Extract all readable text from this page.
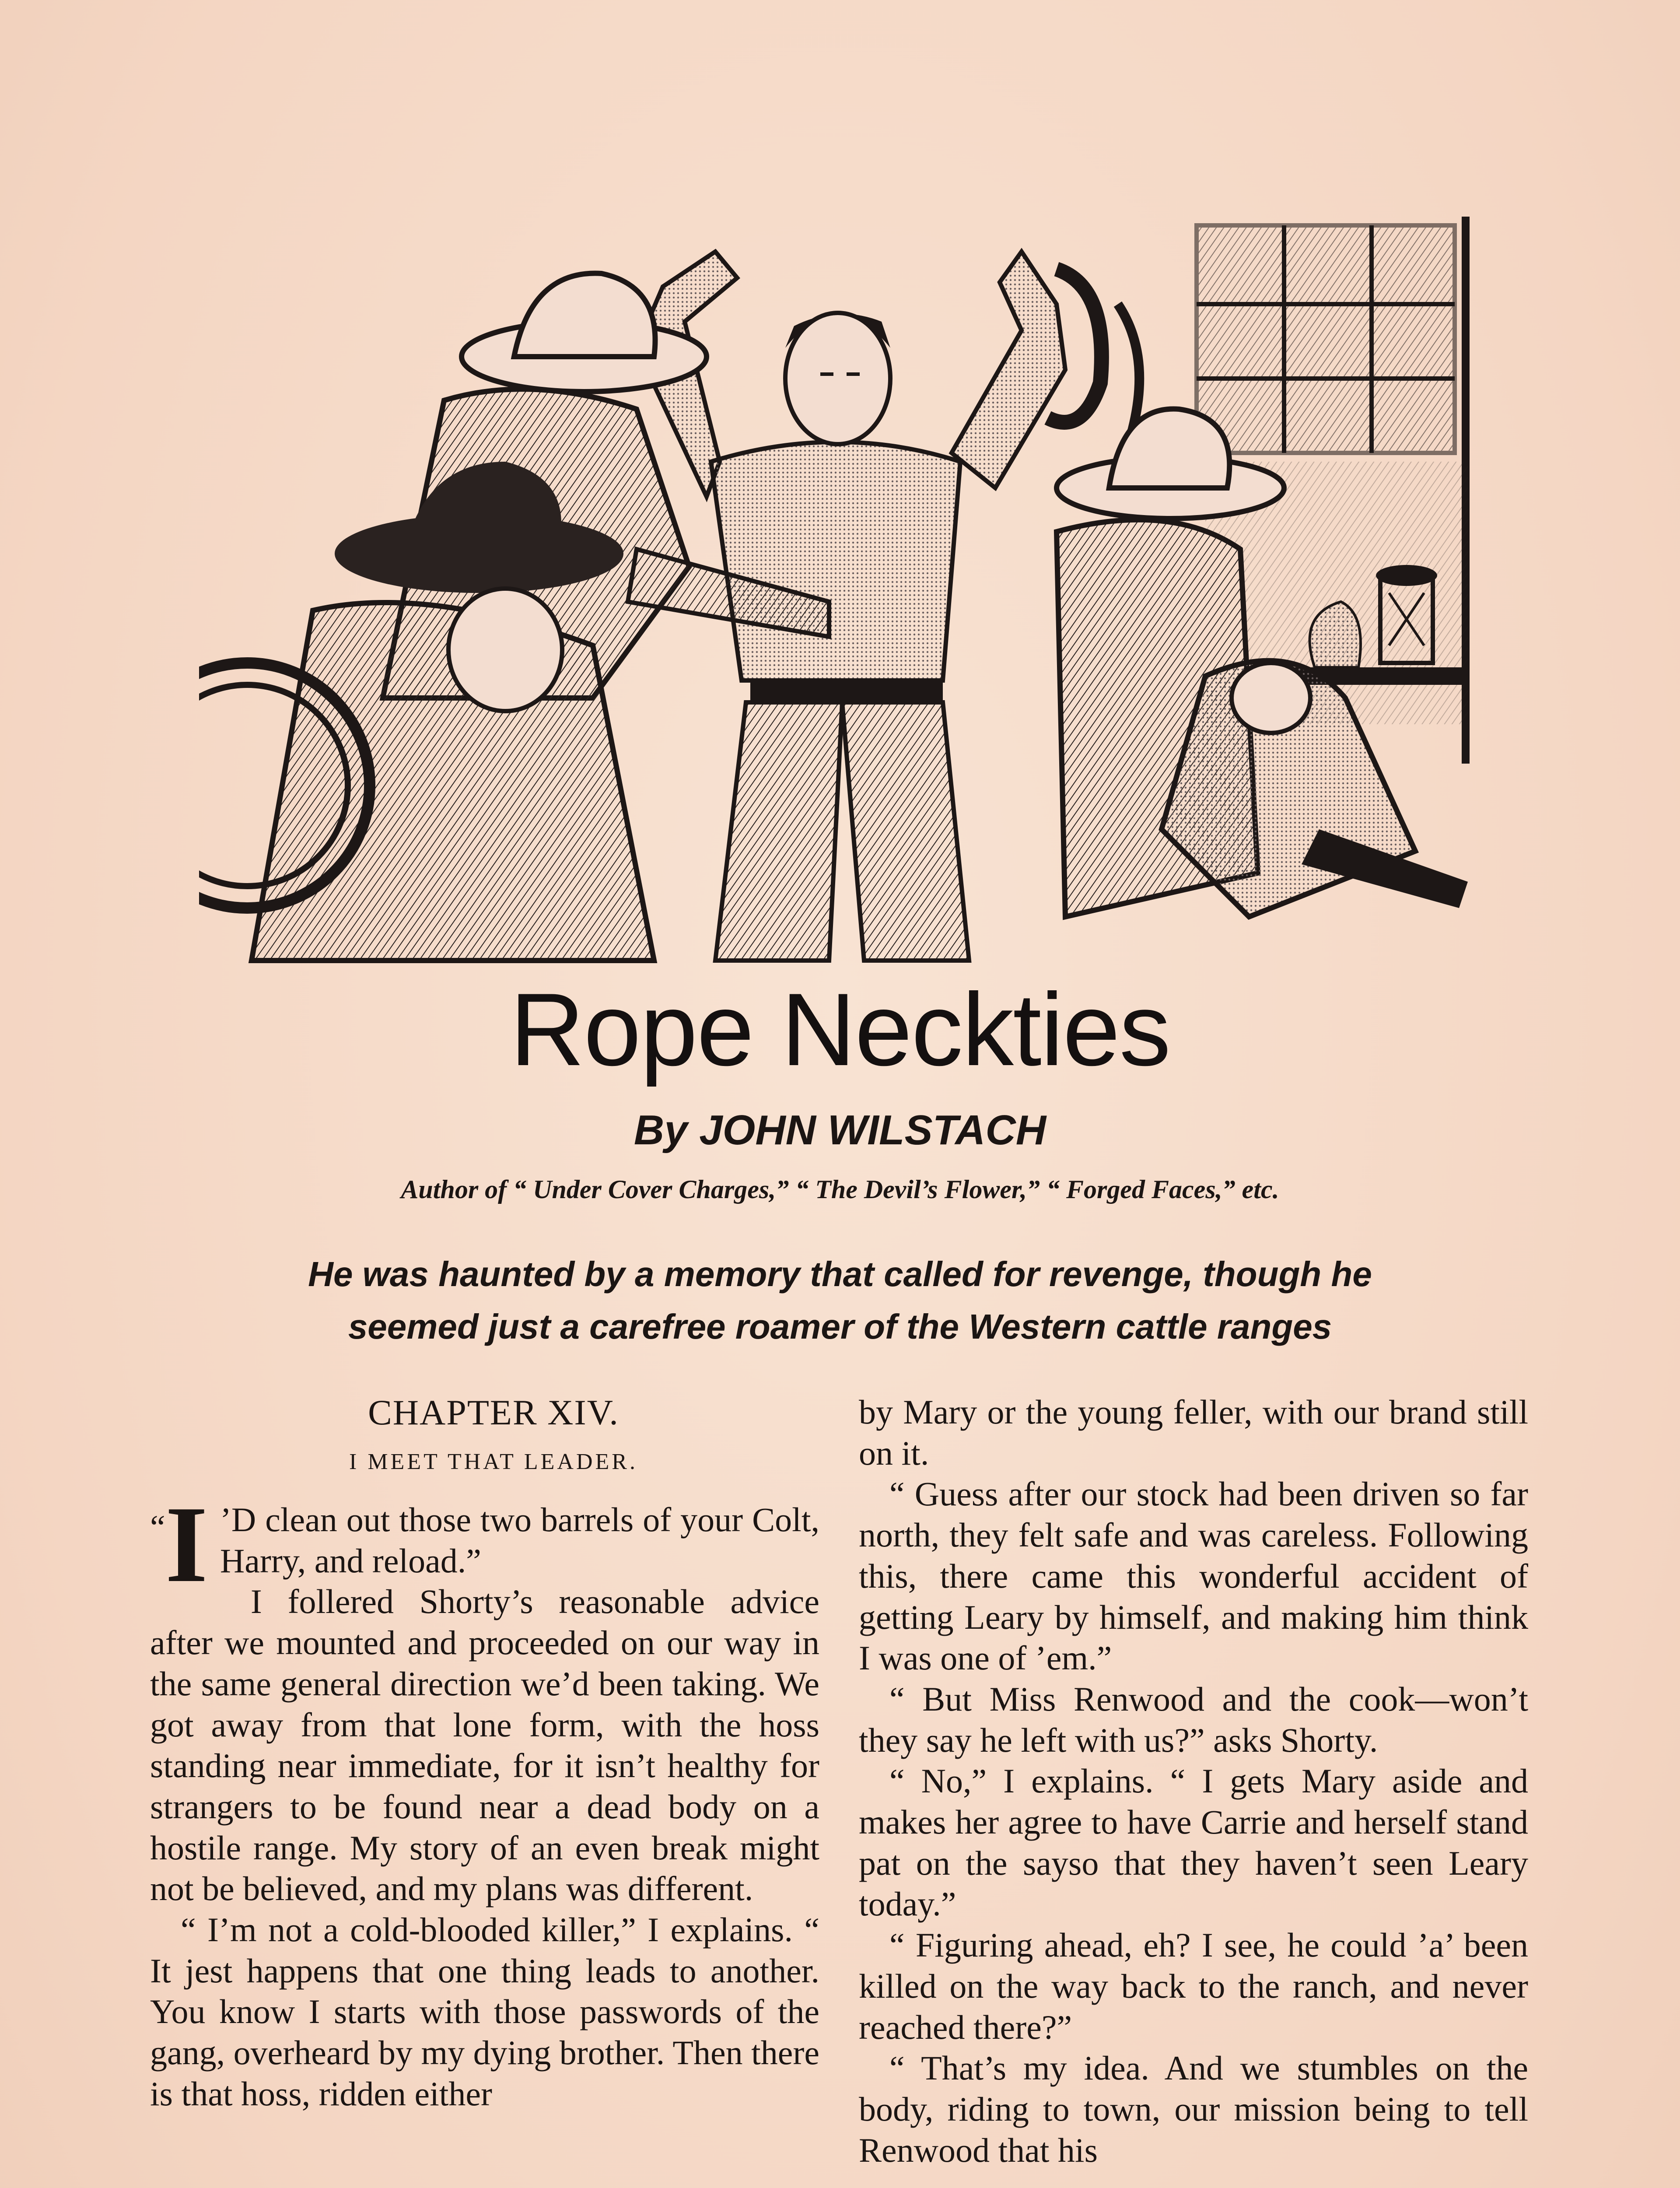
Rope Neckties
By JOHN WILSTACH
Author of “ Under Cover Charges,” “ The Devil’s Flower,” “ Forged Faces,” etc.
He was haunted by a memory that called for revenge, though he
seemed just a carefree roamer of the Western cattle ranges
CHAPTER XIV.
I MEET THAT LEADER.

“I ’D clean out those two barrels of your Colt, Harry, and reload.”

I follered Shorty’s reasonable advice after we mounted and proceeded on our way in the same general direction we’d been taking. We got away from that lone form, with the hoss standing near immediate, for it isn’t healthy for strangers to be found near a dead body on a hostile range. My story of an even break might not be believed, and my plans was different.

“ I’m not a cold-blooded killer,” I explains. “ It jest happens that one thing leads to another. You know I starts with those passwords of the gang, overheard by my dying brother. Then there is that hoss, ridden either

by Mary or the young feller, with our brand still on it.

“ Guess after our stock had been driven so far north, they felt safe and was careless. Following this, there came this wonderful accident of getting Leary by himself, and making him think I was one of ’em.”

“ But Miss Renwood and the cook—won’t they say he left with us?” asks Shorty.

“ No,” I explains. “ I gets Mary aside and makes her agree to have Carrie and herself stand pat on the sayso that they haven’t seen Leary today.”

“ Figuring ahead, eh? I see, he could ’a’ been killed on the way back to the ranch, and never reached there?”

“ That’s my idea. And we stumbles on the body, riding to town, our mission being to tell Renwood that his
